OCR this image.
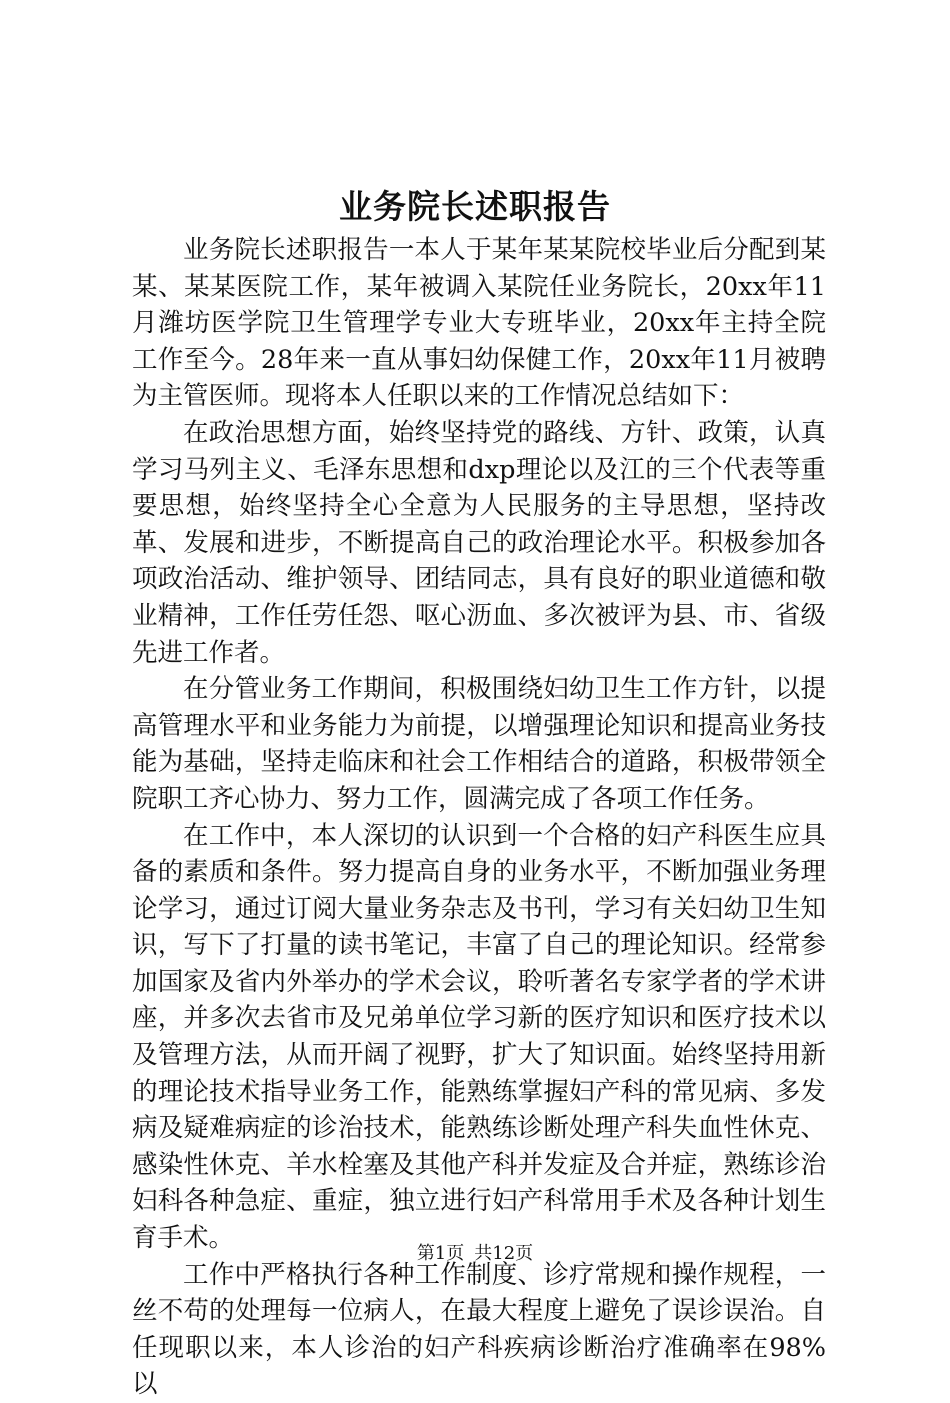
业务院长述职报告

业务院长述职报告一本人于某年某某院校毕业后分配到某某、某某医院工作，某年被调入某院任业务院长，20xx年11月潍坊医学院卫生管理学专业大专班毕业，20xx年主持全院工作至今。28年来一直从事妇幼保健工作，20xx年11月被聘为主管医师。现将本人任职以来的工作情况总结如下：

在政治思想方面，始终坚持党的路线、方针、政策，认真学习马列主义、毛泽东思想和dxp理论以及江的三个代表等重要思想，始终坚持全心全意为人民服务的主导思想，坚持改革、发展和进步，不断提高自己的政治理论水平。积极参加各项政治活动、维护领导、团结同志，具有良好的职业道德和敬业精神，工作任劳任怨、呕心沥血、多次被评为县、市、省级先进工作者。

在分管业务工作期间，积极围绕妇幼卫生工作方针，以提高管理水平和业务能力为前提，以增强理论知识和提高业务技能为基础，坚持走临床和社会工作相结合的道路，积极带领全院职工齐心协力、努力工作，圆满完成了各项工作任务。

在工作中，本人深切的认识到一个合格的妇产科医生应具备的素质和条件。努力提高自身的业务水平，不断加强业务理论学习，通过订阅大量业务杂志及书刊，学习有关妇幼卫生知识，写下了打量的读书笔记，丰富了自己的理论知识。经常参加国家及省内外举办的学术会议，聆听著名专家学者的学术讲座，并多次去省市及兄弟单位学习新的医疗知识和医疗技术以及管理方法，从而开阔了视野，扩大了知识面。始终坚持用新的理论技术指导业务工作，能熟练掌握妇产科的常见病、多发病及疑难病症的诊治技术，能熟练诊断处理产科失血性休克、感染性休克、羊水栓塞及其他产科并发症及合并症，熟练诊治妇科各种急症、重症，独立进行妇产科常用手术及各种计划生育手术。

工作中严格执行各种工作制度、诊疗常规和操作规程，一丝不苟的处理每一位病人，在最大程度上避免了误诊误治。自任现职以来，本人诊治的妇产科疾病诊断治疗准确率在98%以

第1页 共12页
